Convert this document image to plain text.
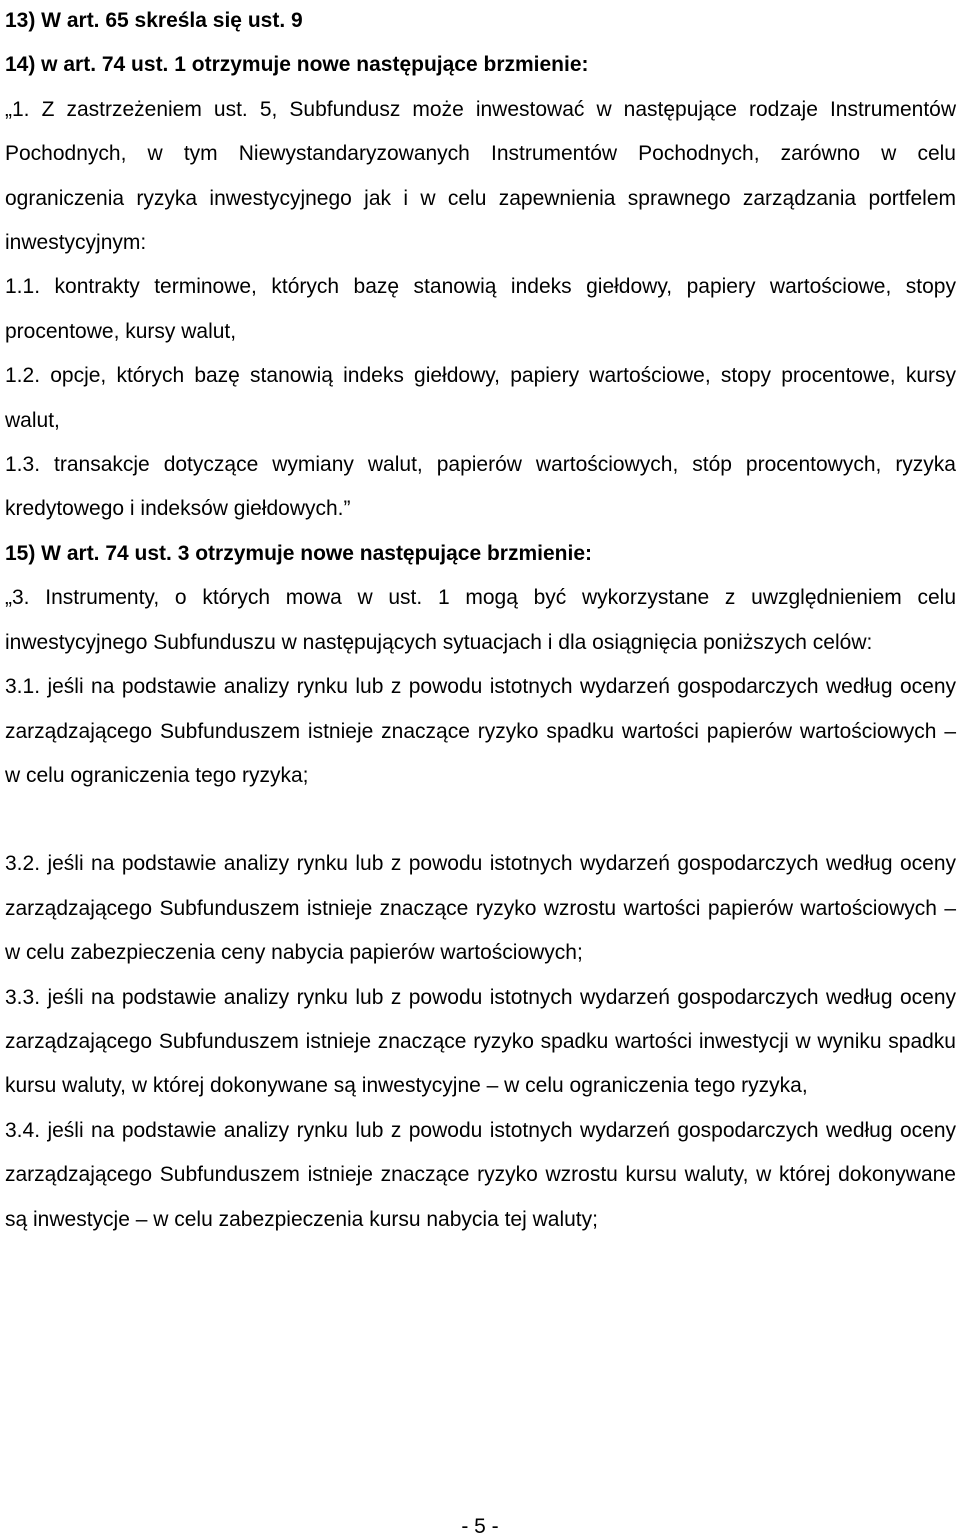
13) W art. 65 skreśla się ust. 9

14) w art. 74 ust. 1 otrzymuje nowe następujące brzmienie:

„1. Z zastrzeżeniem ust. 5, Subfundusz może inwestować w następujące rodzaje Instrumentów Pochodnych, w tym Niewystandaryzowanych Instrumentów Pochodnych, zarówno w celu ograniczenia ryzyka inwestycyjnego jak i w celu zapewnienia sprawnego zarządzania portfelem inwestycyjnym:

1.1. kontrakty terminowe, których bazę stanowią indeks giełdowy, papiery wartościowe, stopy procentowe, kursy walut,

1.2. opcje, których bazę stanowią indeks giełdowy, papiery wartościowe, stopy procentowe, kursy walut,

1.3. transakcje dotyczące wymiany walut, papierów wartościowych, stóp procentowych, ryzyka kredytowego i indeksów giełdowych.”

15) W art. 74 ust. 3 otrzymuje nowe następujące brzmienie:

„3. Instrumenty, o których mowa w ust. 1 mogą być wykorzystane z uwzględnieniem celu inwestycyjnego Subfunduszu w następujących sytuacjach i dla osiągnięcia poniższych celów:

3.1. jeśli na podstawie analizy rynku lub z powodu istotnych wydarzeń gospodarczych według oceny zarządzającego Subfunduszem istnieje znaczące ryzyko spadku wartości papierów wartościowych – w celu ograniczenia tego ryzyka;

3.2. jeśli na podstawie analizy rynku lub z powodu istotnych wydarzeń gospodarczych według oceny zarządzającego Subfunduszem istnieje znaczące ryzyko wzrostu wartości papierów wartościowych – w celu zabezpieczenia ceny nabycia papierów wartościowych;

3.3. jeśli na podstawie analizy rynku lub z powodu istotnych wydarzeń gospodarczych według oceny zarządzającego Subfunduszem istnieje znaczące ryzyko spadku wartości inwestycji w wyniku spadku kursu waluty, w której dokonywane są inwestycyjne – w celu ograniczenia tego ryzyka,

3.4. jeśli na podstawie analizy rynku lub z powodu istotnych wydarzeń gospodarczych według oceny zarządzającego Subfunduszem istnieje znaczące ryzyko wzrostu kursu waluty, w której dokonywane są inwestycje – w celu zabezpieczenia kursu nabycia tej waluty;

- 5 -
